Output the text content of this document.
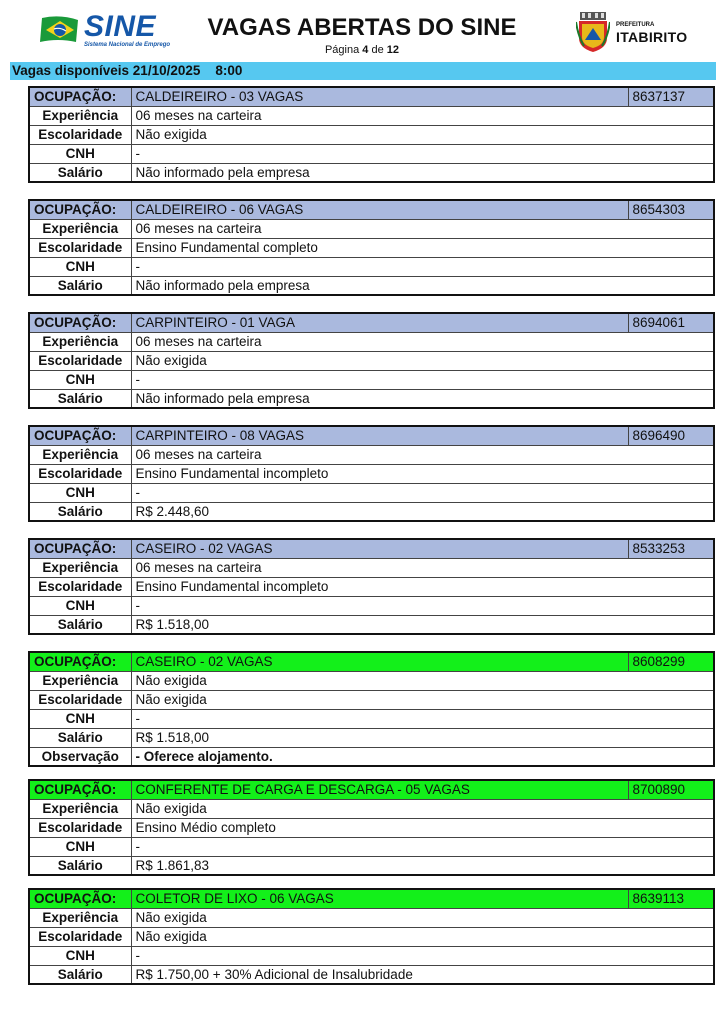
SINE
Sistema Nacional de Emprego
VAGAS ABERTAS DO SINE
Página 4 de 12
PREFEITURA
ITABIRITO
Vagas disponíveis 21/10/2025    8:00
OCUPAÇÃO:	CALDEIREIRO - 03 VAGAS	8637137
Experiência	06 meses na carteira	
Escolaridade	Não exigida	
CNH	-	
Salário	Não informado pela empresa	
OCUPAÇÃO:	CALDEIREIRO - 06 VAGAS	8654303
Experiência	06 meses na carteira	
Escolaridade	Ensino Fundamental completo	
CNH	-	
Salário	Não informado pela empresa	
OCUPAÇÃO:	CARPINTEIRO - 01 VAGA	8694061
Experiência	06 meses na carteira	
Escolaridade	Não exigida	
CNH	-	
Salário	Não informado pela empresa	
OCUPAÇÃO:	CARPINTEIRO - 08 VAGAS	8696490
Experiência	06 meses na carteira	
Escolaridade	Ensino Fundamental incompleto	
CNH	-	
Salário	R$ 2.448,60	
OCUPAÇÃO:	CASEIRO - 02 VAGAS	8533253
Experiência	06 meses na carteira	
Escolaridade	Ensino Fundamental incompleto	
CNH	-	
Salário	R$ 1.518,00	
OCUPAÇÃO:	CASEIRO - 02 VAGAS	8608299
Experiência	Não exigida	
Escolaridade	Não exigida	
CNH	-	
Salário	R$ 1.518,00	
Observação	- Oferece alojamento.	
OCUPAÇÃO:	CONFERENTE DE CARGA E DESCARGA - 05 VAGAS	8700890
Experiência	Não exigida	
Escolaridade	Ensino Médio completo	
CNH	-	
Salário	R$ 1.861,83	
OCUPAÇÃO:	COLETOR DE LIXO - 06 VAGAS	8639113
Experiência	Não exigida	
Escolaridade	Não exigida	
CNH	-	
Salário	R$ 1.750,00 + 30% Adicional de Insalubridade	
